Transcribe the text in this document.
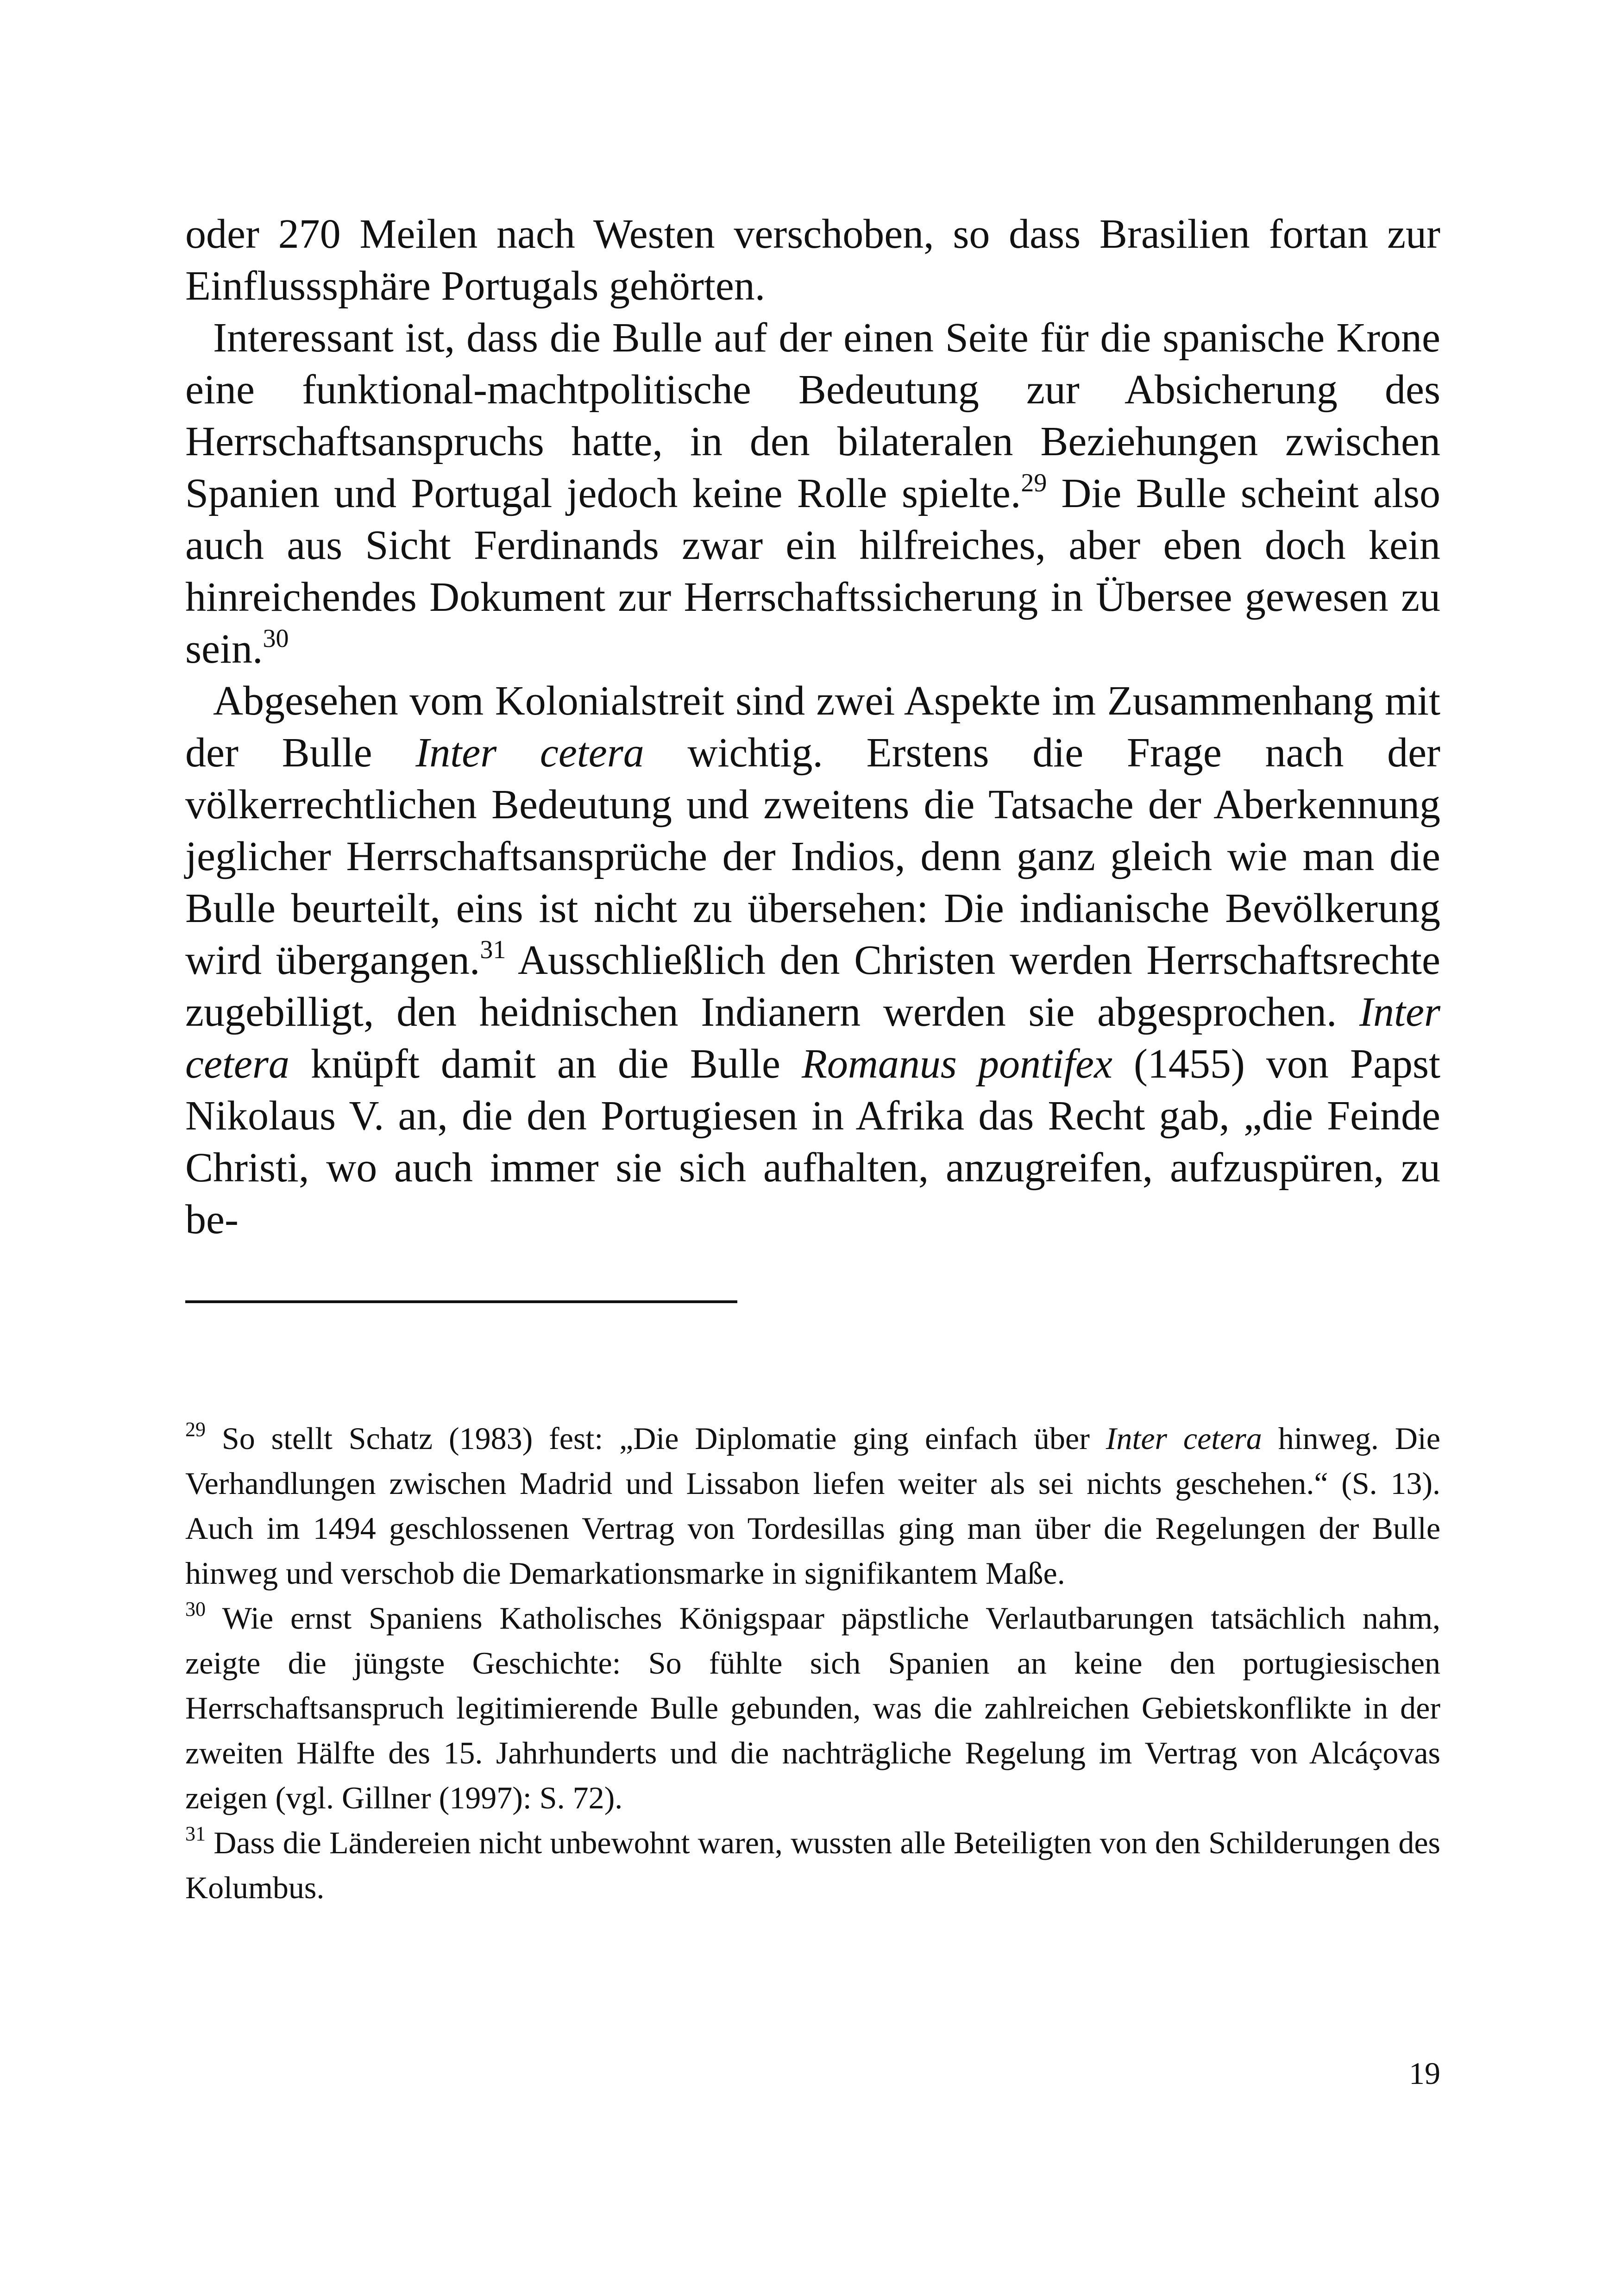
oder 270 Meilen nach Westen verschoben, so dass Brasilien fortan zur Einflusssphäre Portugals gehörten.

Interessant ist, dass die Bulle auf der einen Seite für die spanische Krone eine funktional-machtpolitische Bedeutung zur Absicherung des Herrschaftsanspruchs hatte, in den bilateralen Beziehungen zwischen Spanien und Portugal jedoch keine Rolle spielte.$^{29}$ Die Bulle scheint also auch aus Sicht Ferdinands zwar ein hilfreiches, aber eben doch kein hinreichendes Dokument zur Herrschaftssicherung in Übersee gewesen zu sein.$^{30}$

Abgesehen vom Kolonialstreit sind zwei Aspekte im Zusammenhang mit der Bulle Inter cetera wichtig. Erstens die Frage nach der völkerrechtlichen Bedeutung und zweitens die Tatsache der Aberkennung jeglicher Herrschaftsansprüche der Indios, denn ganz gleich wie man die Bulle beurteilt, eins ist nicht zu übersehen: Die indianische Bevölkerung wird übergangen.$^{31}$ Ausschließlich den Christen werden Herrschaftsrechte zugebilligt, den heidnischen Indianern werden sie abgesprochen. Inter cetera knüpft damit an die Bulle Romanus pontifex (1455) von Papst Nikolaus V. an, die den Portugiesen in Afrika das Recht gab, „die Feinde Christi, wo auch immer sie sich aufhalten, anzugreifen, aufzuspüren, zu be-

$^{29}$ So stellt Schatz (1983) fest: „Die Diplomatie ging einfach über Inter cetera hinweg. Die Verhandlungen zwischen Madrid und Lissabon liefen weiter als sei nichts geschehen.“ (S. 13). Auch im 1494 geschlossenen Vertrag von Tordesillas ging man über die Regelungen der Bulle hinweg und verschob die Demarkationsmarke in signifikantem Maße.

$^{30}$ Wie ernst Spaniens Katholisches Königspaar päpstliche Verlautbarungen tatsächlich nahm, zeigte die jüngste Geschichte: So fühlte sich Spanien an keine den portugiesischen Herrschaftsanspruch legitimierende Bulle gebunden, was die zahlreichen Gebietskonflikte in der zweiten Hälfte des 15. Jahrhunderts und die nachträgliche Regelung im Vertrag von Alcáçovas zeigen (vgl. Gillner (1997): S. 72).

$^{31}$ Dass die Ländereien nicht unbewohnt waren, wussten alle Beteiligten von den Schilderungen des Kolumbus.

19
